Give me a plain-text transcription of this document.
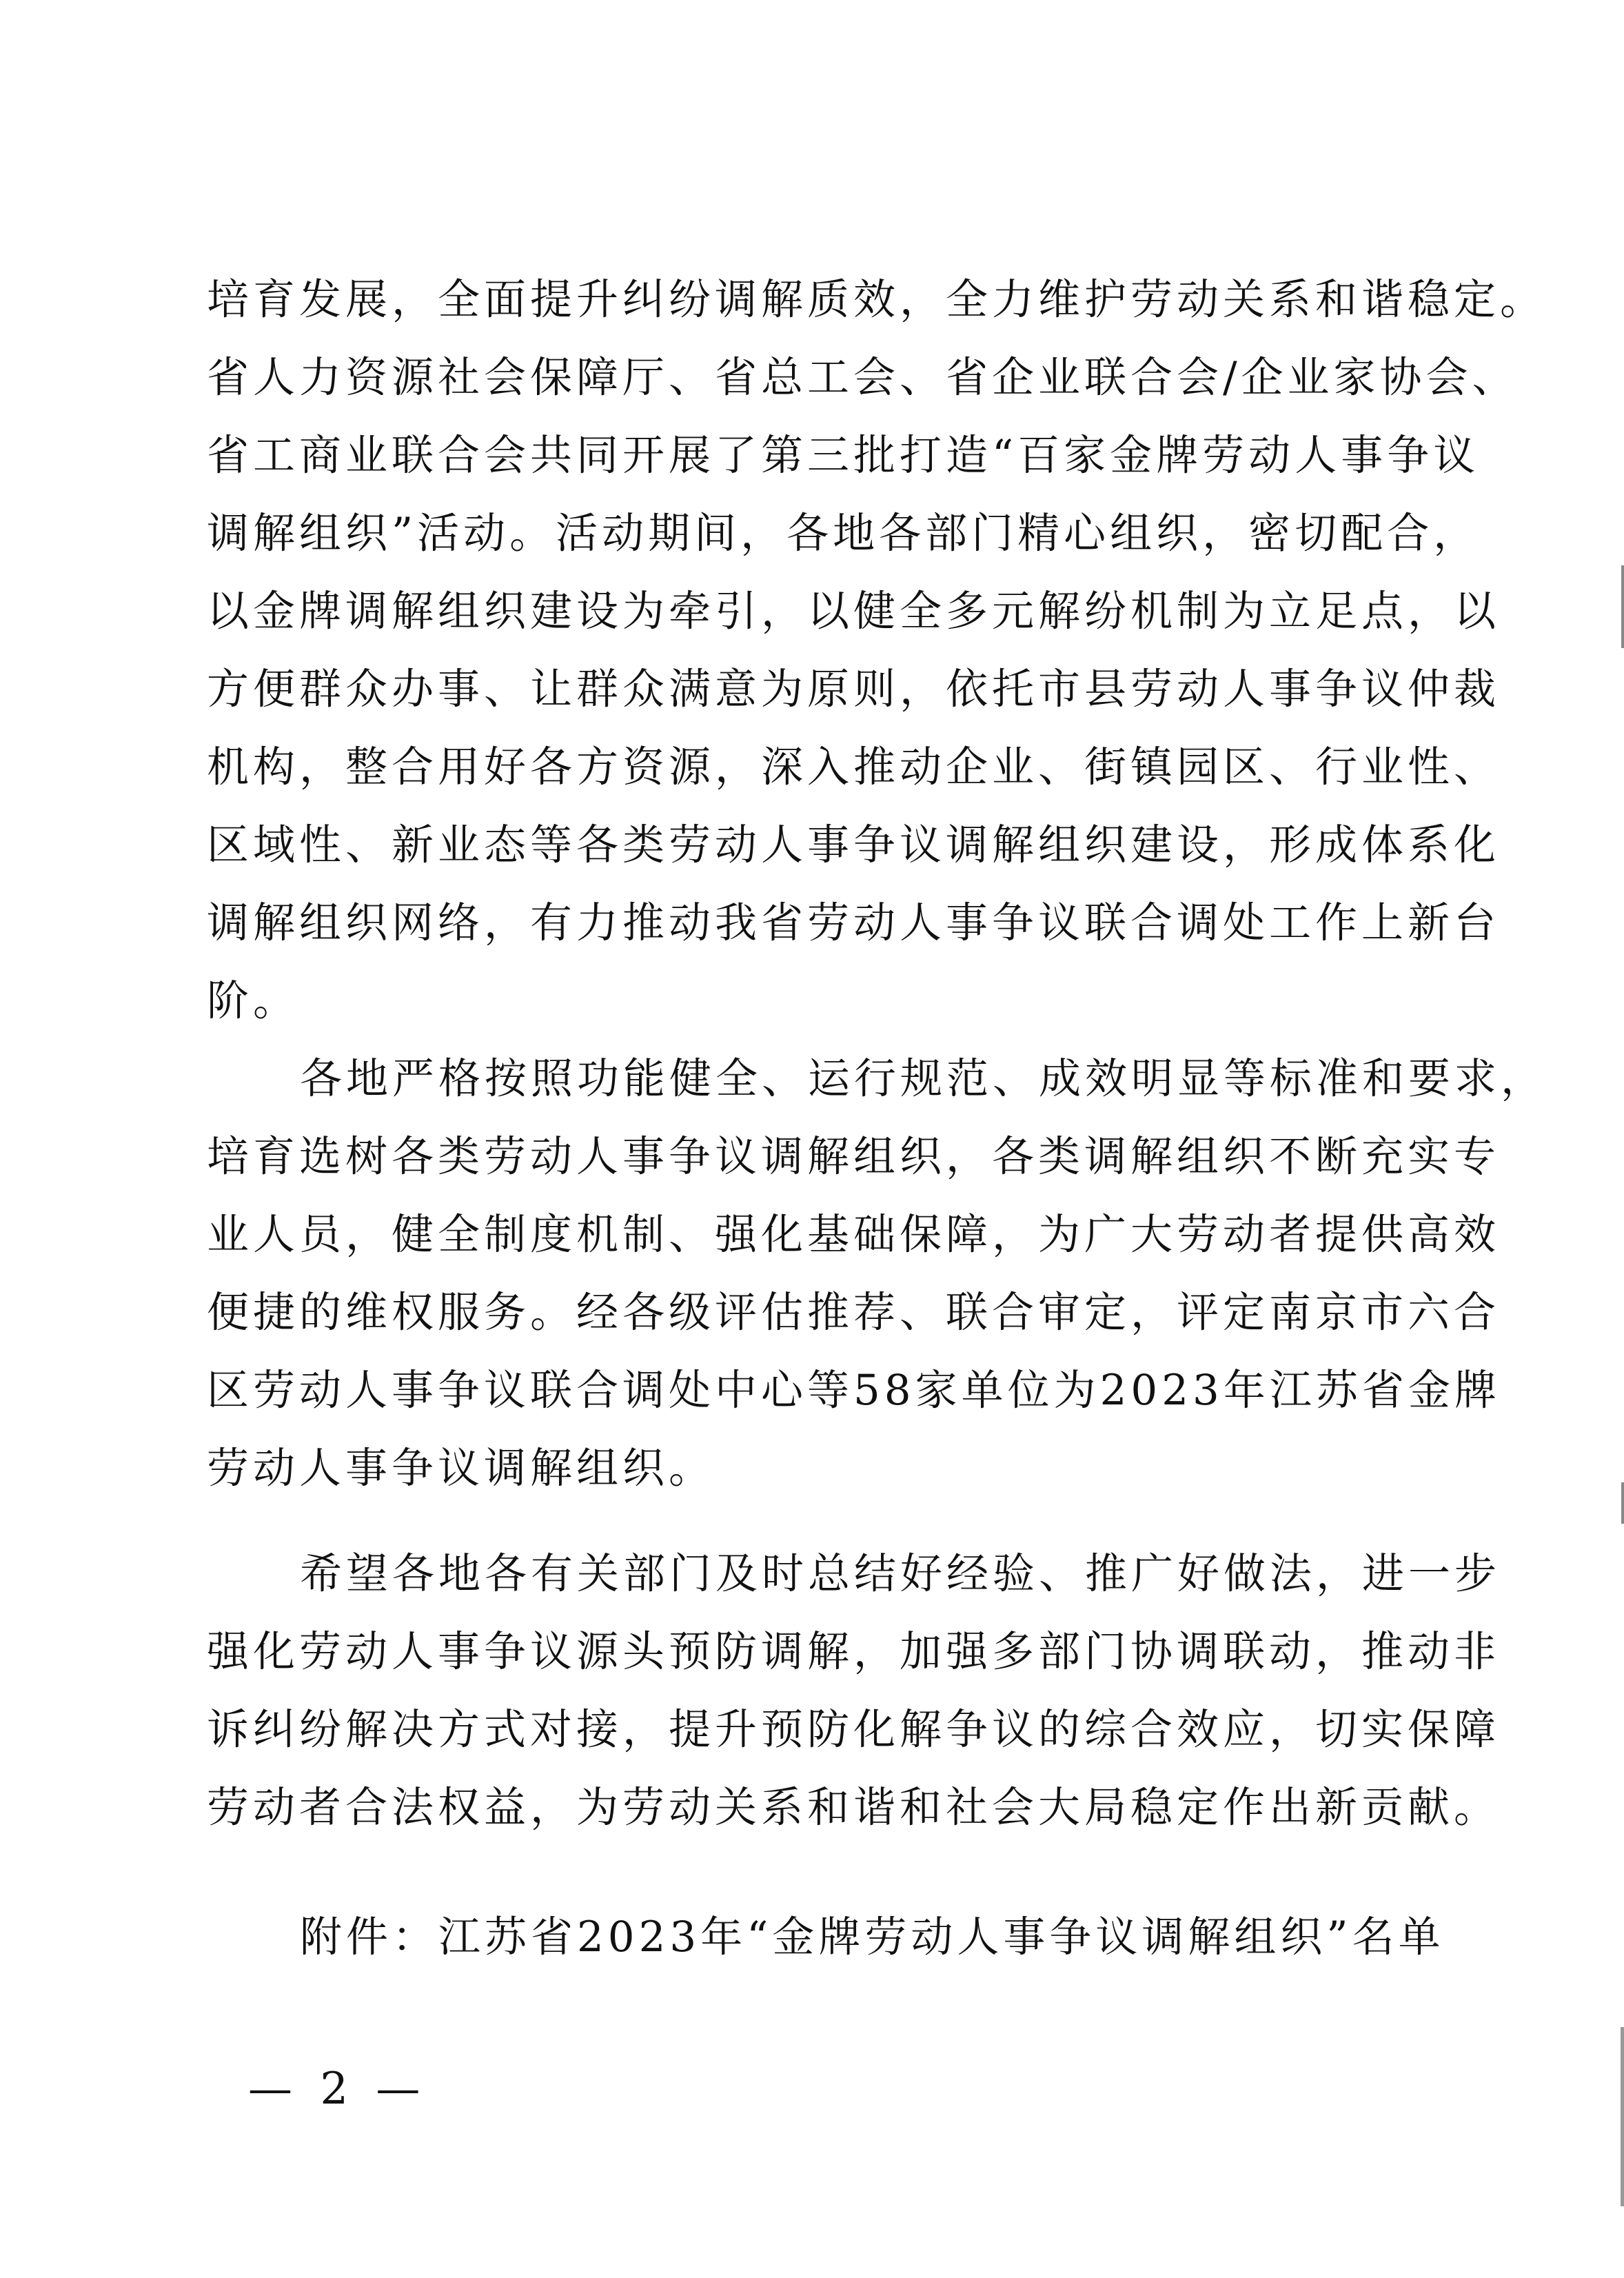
培育发展，全面提升纠纷调解质效，全力维护劳动关系和谐稳定。
省人力资源社会保障厅、省总工会、省企业联合会/企业家协会、
省工商业联合会共同开展了第三批打造“百家金牌劳动人事争议
调解组织”活动。活动期间，各地各部门精心组织，密切配合，
以金牌调解组织建设为牵引，以健全多元解纷机制为立足点，以
方便群众办事、让群众满意为原则，依托市县劳动人事争议仲裁
机构，整合用好各方资源，深入推动企业、街镇园区、行业性、
区域性、新业态等各类劳动人事争议调解组织建设，形成体系化
调解组织网络，有力推动我省劳动人事争议联合调处工作上新台
阶。
各地严格按照功能健全、运行规范、成效明显等标准和要求，
培育选树各类劳动人事争议调解组织，各类调解组织不断充实专
业人员，健全制度机制、强化基础保障，为广大劳动者提供高效
便捷的维权服务。经各级评估推荐、联合审定，评定南京市六合
区劳动人事争议联合调处中心等58家单位为2023年江苏省金牌
劳动人事争议调解组织。
希望各地各有关部门及时总结好经验、推广好做法，进一步
强化劳动人事争议源头预防调解，加强多部门协调联动，推动非
诉纠纷解决方式对接，提升预防化解争议的综合效应，切实保障
劳动者合法权益，为劳动关系和谐和社会大局稳定作出新贡献。
附件：江苏省2023年“金牌劳动人事争议调解组织”名单
— 2 —
